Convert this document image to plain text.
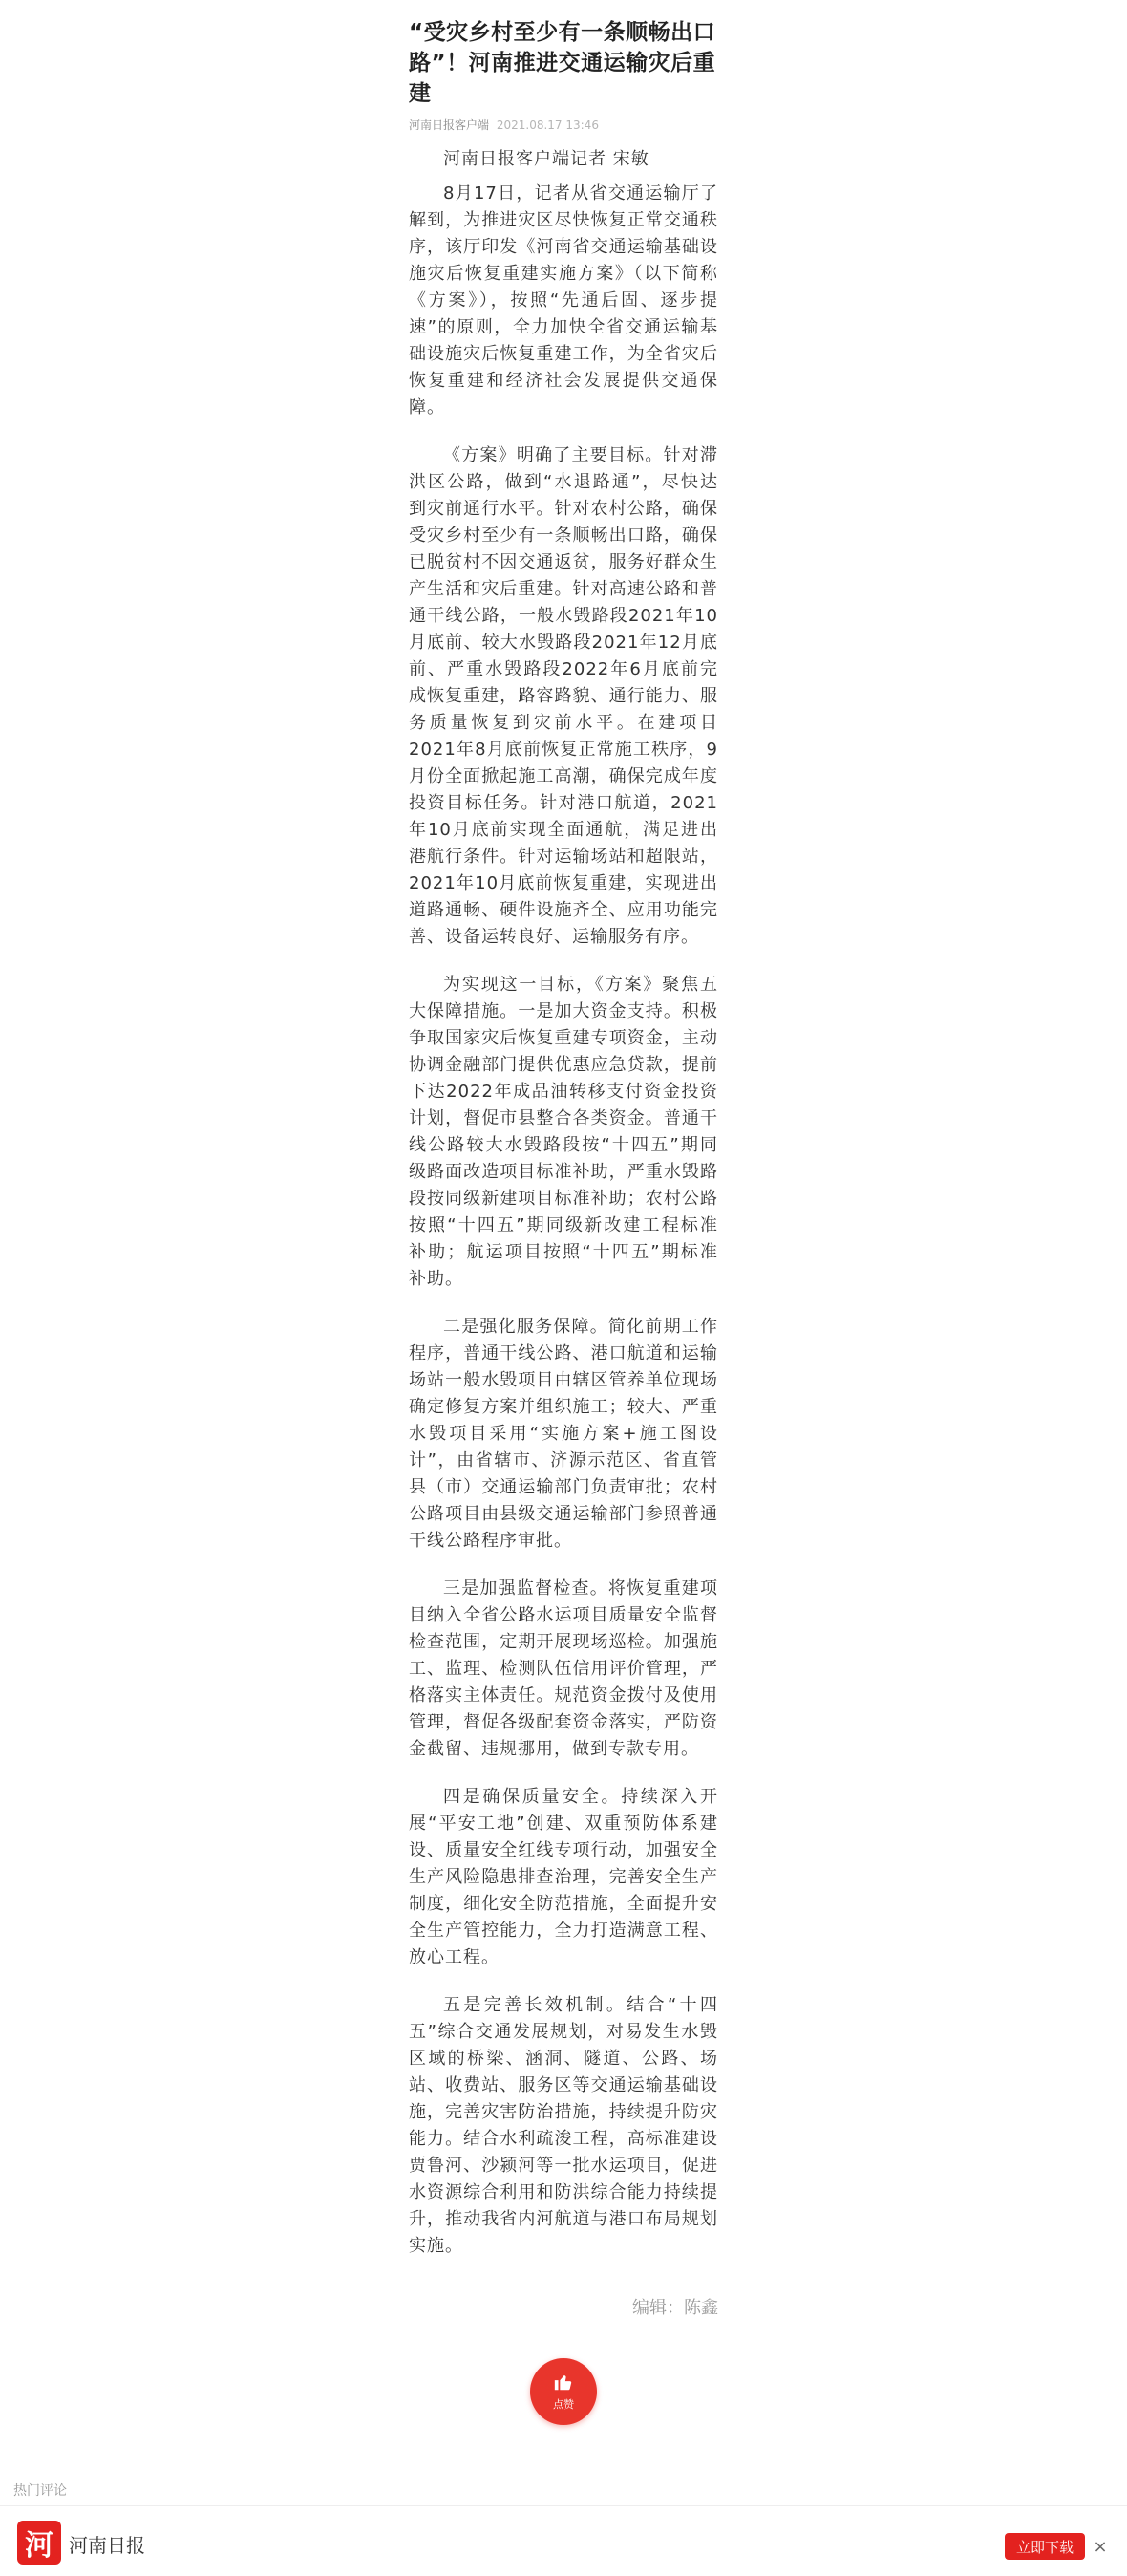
“受灾乡村至少有一条顺畅出口路”！河南推进交通运输灾后重建
河南日报客户端 2021.08.17 13:46

河南日报客户端记者 宋敏

8月17日，记者从省交通运输厅了解到，为推进灾区尽快恢复正常交通秩序，该厅印发《河南省交通运输基础设施灾后恢复重建实施方案》（以下简称《方案》），按照“先通后固、逐步提速”的原则，全力加快全省交通运输基础设施灾后恢复重建工作，为全省灾后恢复重建和经济社会发展提供交通保障。

《方案》明确了主要目标。针对滞洪区公路，做到“水退路通”，尽快达到灾前通行水平。针对农村公路，确保受灾乡村至少有一条顺畅出口路，确保已脱贫村不因交通返贫，服务好群众生产生活和灾后重建。针对高速公路和普通干线公路，一般水毁路段2021年10月底前、较大水毁路段2021年12月底前、严重水毁路段2022年6月底前完成恢复重建，路容路貌、通行能力、服务质量恢复到灾前水平。在建项目2021年8月底前恢复正常施工秩序，9月份全面掀起施工高潮，确保完成年度投资目标任务。针对港口航道，2021年10月底前实现全面通航，满足进出港航行条件。针对运输场站和超限站，2021年10月底前恢复重建，实现进出道路通畅、硬件设施齐全、应用功能完善、设备运转良好、运输服务有序。

为实现这一目标，《方案》聚焦五大保障措施。一是加大资金支持。积极争取国家灾后恢复重建专项资金，主动协调金融部门提供优惠应急贷款，提前下达2022年成品油转移支付资金投资计划，督促市县整合各类资金。普通干线公路较大水毁路段按“十四五”期同级路面改造项目标准补助，严重水毁路段按同级新建项目标准补助；农村公路按照“十四五”期同级新改建工程标准补助；航运项目按照“十四五”期标准补助。

二是强化服务保障。简化前期工作程序，普通干线公路、港口航道和运输场站一般水毁项目由辖区管养单位现场确定修复方案并组织施工；较大、严重水毁项目采用“实施方案+施工图设计”，由省辖市、济源示范区、省直管县（市）交通运输部门负责审批；农村公路项目由县级交通运输部门参照普通干线公路程序审批。

三是加强监督检查。将恢复重建项目纳入全省公路水运项目质量安全监督检查范围，定期开展现场巡检。加强施工、监理、检测队伍信用评价管理，严格落实主体责任。规范资金拨付及使用管理，督促各级配套资金落实，严防资金截留、违规挪用，做到专款专用。

四是确保质量安全。持续深入开展“平安工地”创建、双重预防体系建设、质量安全红线专项行动，加强安全生产风险隐患排查治理，完善安全生产制度，细化安全防范措施，全面提升安全生产管控能力，全力打造满意工程、放心工程。

五是完善长效机制。结合“十四五”综合交通发展规划，对易发生水毁区域的桥梁、涵洞、隧道、公路、场站、收费站、服务区等交通运输基础设施，完善灾害防治措施，持续提升防灾能力。结合水利疏浚工程，高标准建设贾鲁河、沙颍河等一批水运项目，促进水资源综合利用和防洪综合能力持续提升，推动我省内河航道与港口布局规划实施。

编辑：陈鑫
点赞
热门评论
河 河南日报	立即下载	×
